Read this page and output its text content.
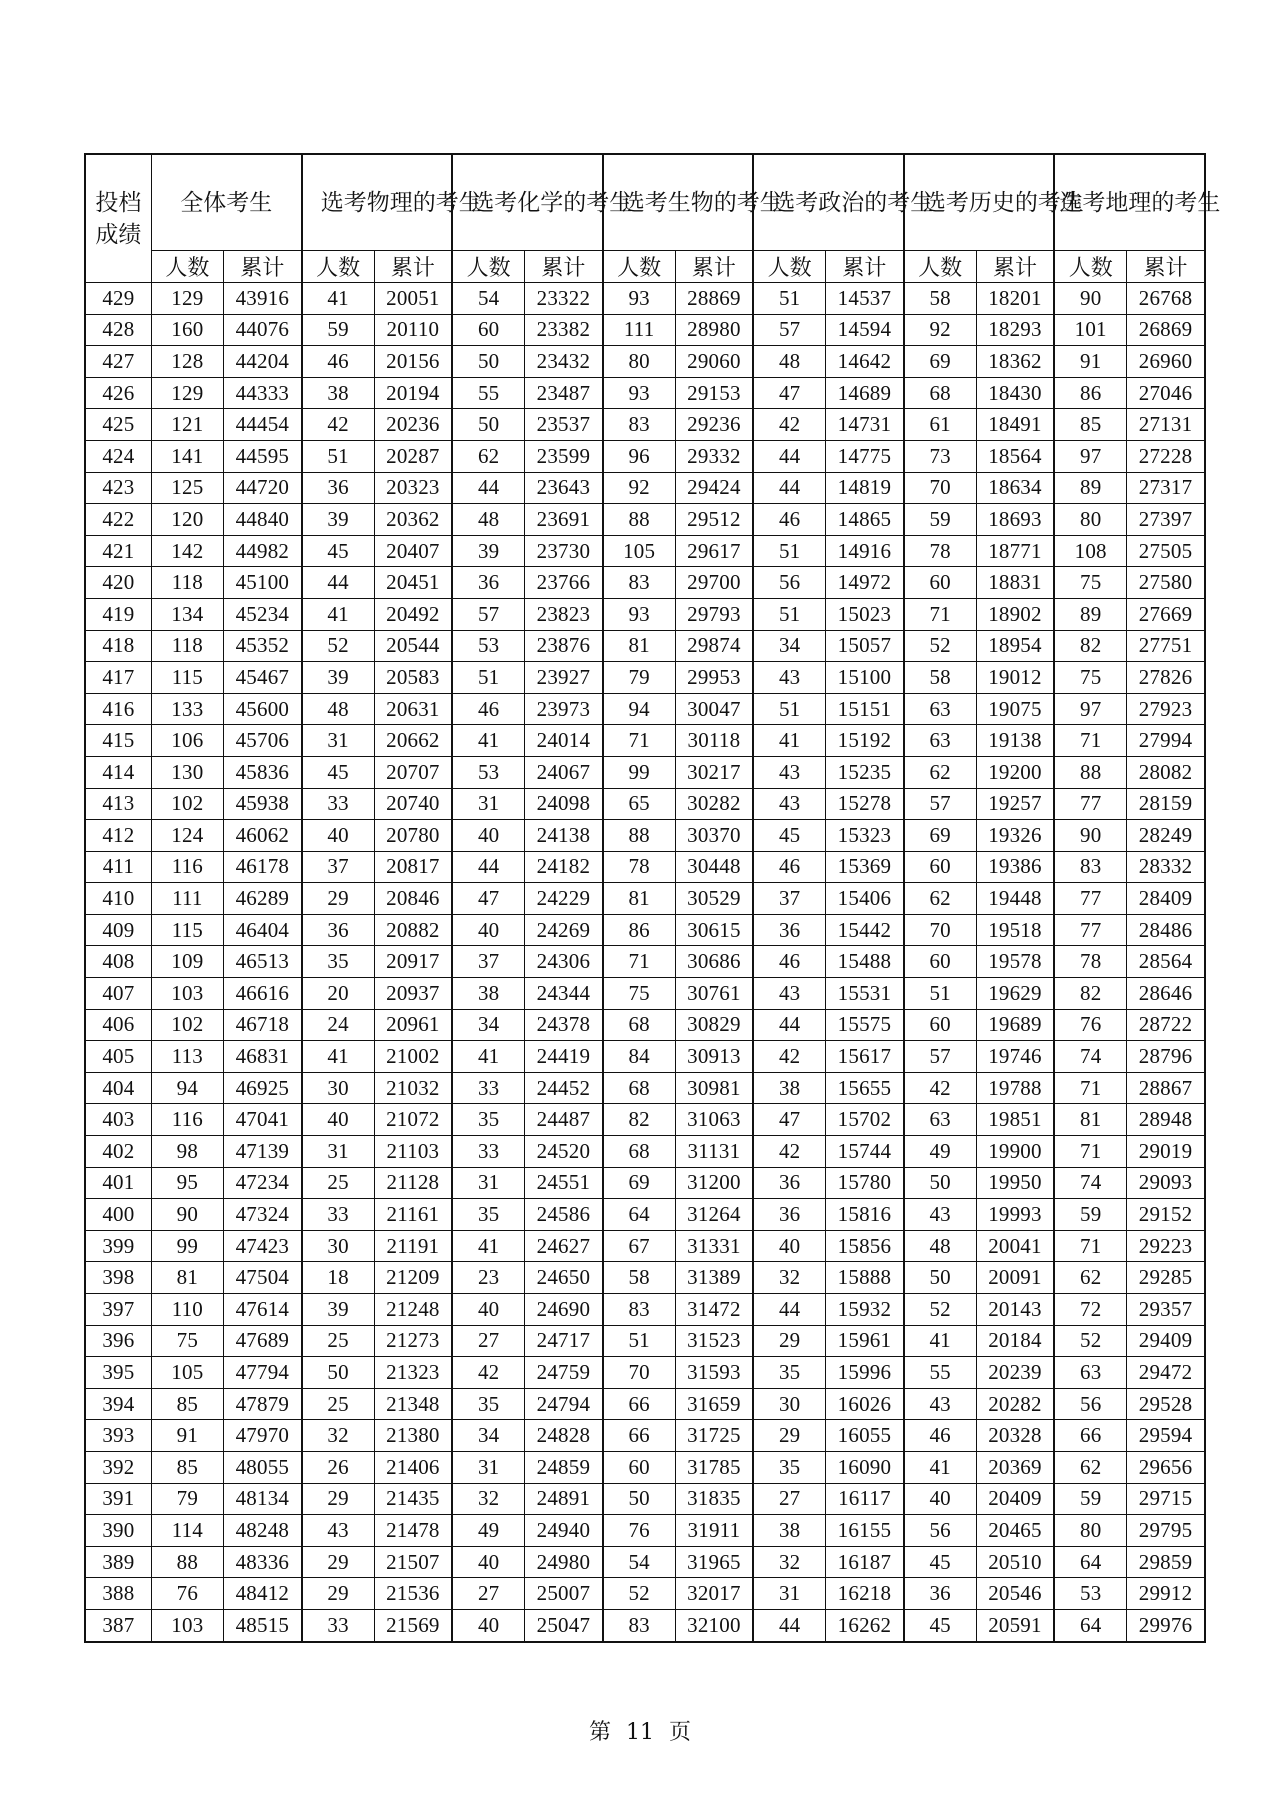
投档成绩	全体考生		选考物理的考生		选考化学的考生		选考生物的考生		选考政治的考生		选考历史的考生		选考地理的考生	
	人数	累计	人数	累计	人数	累计	人数	累计	人数	累计	人数	累计	人数	累计
429	129	43916	41	20051	54	23322	93	28869	51	14537	58	18201	90	26768
428	160	44076	59	20110	60	23382	111	28980	57	14594	92	18293	101	26869
427	128	44204	46	20156	50	23432	80	29060	48	14642	69	18362	91	26960
426	129	44333	38	20194	55	23487	93	29153	47	14689	68	18430	86	27046
425	121	44454	42	20236	50	23537	83	29236	42	14731	61	18491	85	27131
424	141	44595	51	20287	62	23599	96	29332	44	14775	73	18564	97	27228
423	125	44720	36	20323	44	23643	92	29424	44	14819	70	18634	89	27317
422	120	44840	39	20362	48	23691	88	29512	46	14865	59	18693	80	27397
421	142	44982	45	20407	39	23730	105	29617	51	14916	78	18771	108	27505
420	118	45100	44	20451	36	23766	83	29700	56	14972	60	18831	75	27580
419	134	45234	41	20492	57	23823	93	29793	51	15023	71	18902	89	27669
418	118	45352	52	20544	53	23876	81	29874	34	15057	52	18954	82	27751
417	115	45467	39	20583	51	23927	79	29953	43	15100	58	19012	75	27826
416	133	45600	48	20631	46	23973	94	30047	51	15151	63	19075	97	27923
415	106	45706	31	20662	41	24014	71	30118	41	15192	63	19138	71	27994
414	130	45836	45	20707	53	24067	99	30217	43	15235	62	19200	88	28082
413	102	45938	33	20740	31	24098	65	30282	43	15278	57	19257	77	28159
412	124	46062	40	20780	40	24138	88	30370	45	15323	69	19326	90	28249
411	116	46178	37	20817	44	24182	78	30448	46	15369	60	19386	83	28332
410	111	46289	29	20846	47	24229	81	30529	37	15406	62	19448	77	28409
409	115	46404	36	20882	40	24269	86	30615	36	15442	70	19518	77	28486
408	109	46513	35	20917	37	24306	71	30686	46	15488	60	19578	78	28564
407	103	46616	20	20937	38	24344	75	30761	43	15531	51	19629	82	28646
406	102	46718	24	20961	34	24378	68	30829	44	15575	60	19689	76	28722
405	113	46831	41	21002	41	24419	84	30913	42	15617	57	19746	74	28796
404	94	46925	30	21032	33	24452	68	30981	38	15655	42	19788	71	28867
403	116	47041	40	21072	35	24487	82	31063	47	15702	63	19851	81	28948
402	98	47139	31	21103	33	24520	68	31131	42	15744	49	19900	71	29019
401	95	47234	25	21128	31	24551	69	31200	36	15780	50	19950	74	29093
400	90	47324	33	21161	35	24586	64	31264	36	15816	43	19993	59	29152
399	99	47423	30	21191	41	24627	67	31331	40	15856	48	20041	71	29223
398	81	47504	18	21209	23	24650	58	31389	32	15888	50	20091	62	29285
397	110	47614	39	21248	40	24690	83	31472	44	15932	52	20143	72	29357
396	75	47689	25	21273	27	24717	51	31523	29	15961	41	20184	52	29409
395	105	47794	50	21323	42	24759	70	31593	35	15996	55	20239	63	29472
394	85	47879	25	21348	35	24794	66	31659	30	16026	43	20282	56	29528
393	91	47970	32	21380	34	24828	66	31725	29	16055	46	20328	66	29594
392	85	48055	26	21406	31	24859	60	31785	35	16090	41	20369	62	29656
391	79	48134	29	21435	32	24891	50	31835	27	16117	40	20409	59	29715
390	114	48248	43	21478	49	24940	76	31911	38	16155	56	20465	80	29795
389	88	48336	29	21507	40	24980	54	31965	32	16187	45	20510	64	29859
388	76	48412	29	21536	27	25007	52	32017	31	16218	36	20546	53	29912
387	103	48515	33	21569	40	25047	83	32100	44	16262	45	20591	64	29976
第 11 页
